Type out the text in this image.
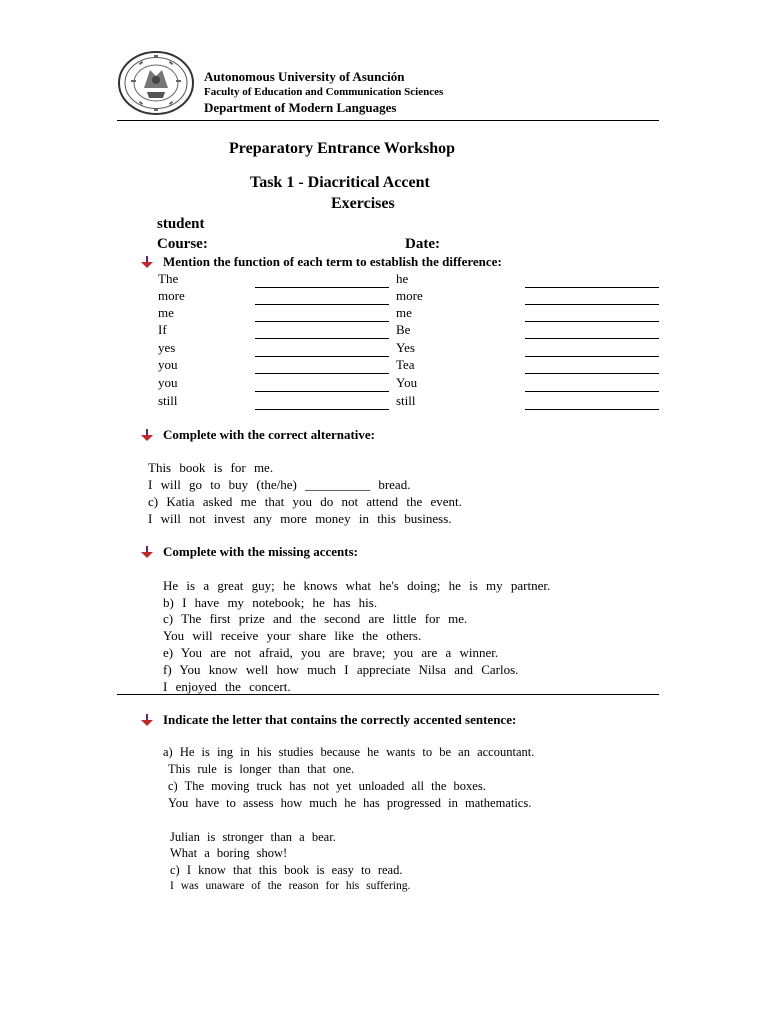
Autonomous University of Asunción
Faculty of Education and Communication Sciences
Department of Modern Languages
Preparatory Entrance Workshop
Task 1 - Diacritical Accent
Exercises
student
Course:	Date:
Mention the function of each term to establish the difference:
The
more
me
If
yes
you
you
still
he
more
me
Be
Yes
Tea
You
still
Complete with the correct alternative:
This book is for me.
I will go to buy (the/he) __________ bread.
c) Katia asked me that you do not attend the event.
I will not invest any more money in this business.
Complete with the missing accents:
He is a great guy; he knows what he's doing; he is my partner.
b) I have my notebook; he has his.
c) The first prize and the second are little for me.
You will receive your share like the others.
e) You are not afraid, you are brave; you are a winner.
f) You know well how much I appreciate Nilsa and Carlos.
I enjoyed the concert.
Indicate the letter that contains the correctly accented sentence:
a) He is ing in his studies because he wants to be an accountant.
This rule is longer than that one.
c) The moving truck has not yet unloaded all the boxes.
You have to assess how much he has progressed in mathematics.
Julian is stronger than a bear.
What a boring show!
c) I know that this book is easy to read.
I was unaware of the reason for his suffering.
